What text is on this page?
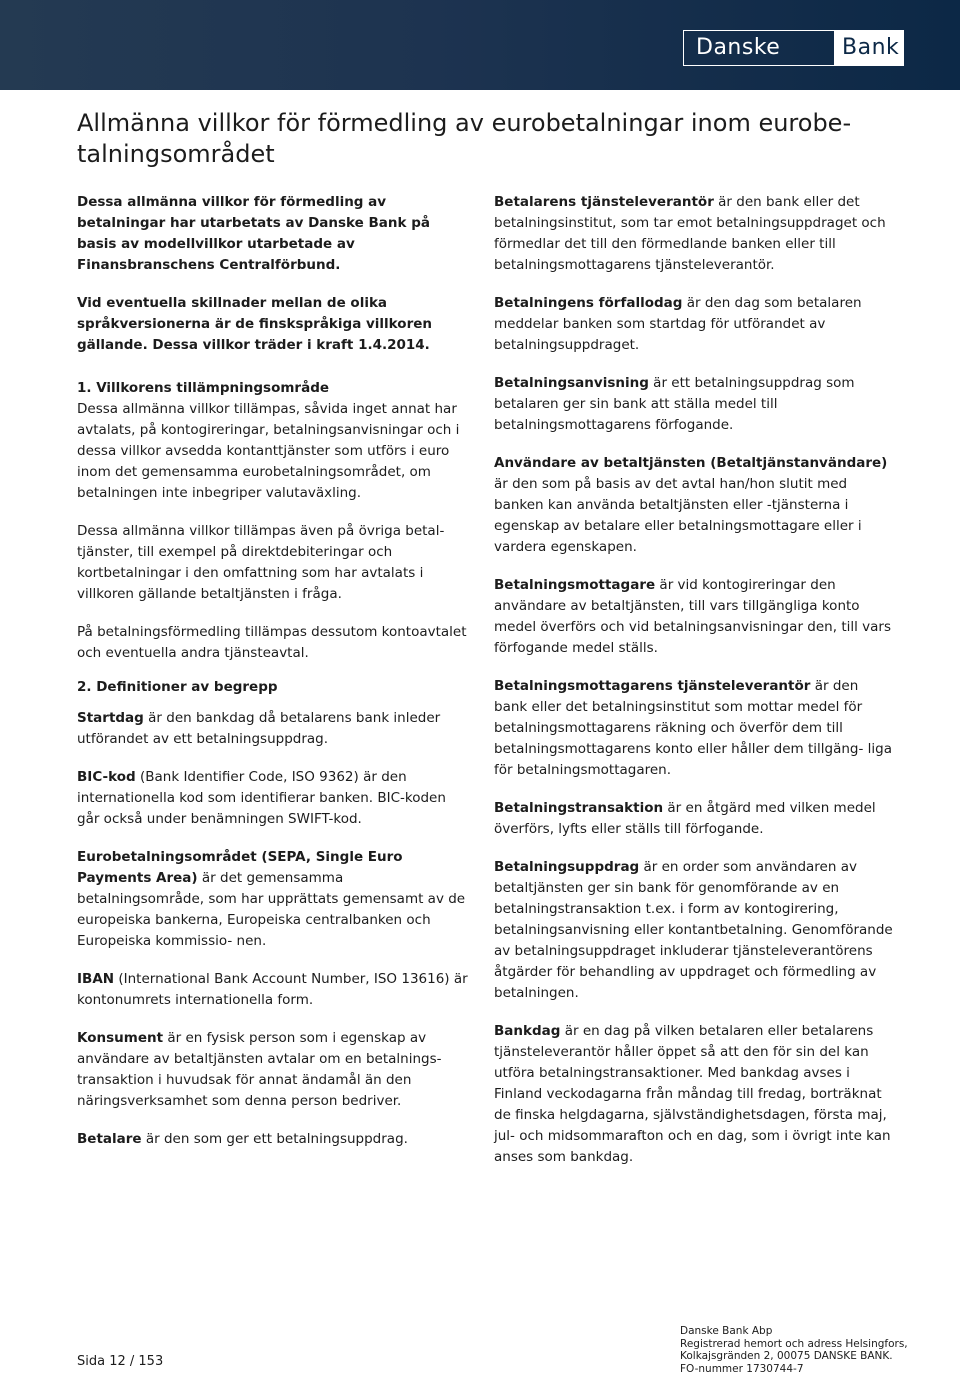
Danske	Bank
Allmänna villkor för förmedling av eurobetalningar inom eurobe- talningsområdet

Dessa allmänna villkor för förmedling av betalningar har utarbetats av Danske Bank på basis av modellvillkor utarbetade av Finansbranschens Centralförbund.

Vid eventuella skillnader mellan de olika språkversionerna är de finskspråkiga villkoren gällande. Dessa villkor träder i kraft 1.4.2014.

1. Villkorens tillämpningsområde

Dessa allmänna villkor tillämpas, såvida inget annat har avtalats, på kontogireringar, betalningsanvisningar och i dessa villkor avsedda kontanttjänster som utförs i euro inom det gemensamma eurobetalningsområdet, om betalningen inte inbegriper valutaväxling.

Dessa allmänna villkor tillämpas även på övriga betal- tjänster, till exempel på direktdebiteringar och kortbetalningar i den omfattning som har avtalats i villkoren gällande betaltjänsten i fråga.

På betalningsförmedling tillämpas dessutom kontoavtalet och eventuella andra tjänsteavtal.

2. Definitioner av begrepp

Startdag är den bankdag då betalarens bank inleder utförandet av ett betalningsuppdrag.

BIC-kod (Bank Identifier Code, ISO 9362) är den internationella kod som identifierar banken. BIC-koden går också under benämningen SWIFT-kod.

Eurobetalningsområdet (SEPA, Single Euro Payments Area) är det gemensamma betalningsområde, som har upprättats gemensamt av de europeiska bankerna, Europeiska centralbanken och Europeiska kommissio- nen.

IBAN (International Bank Account Number, ISO 13616) är kontonumrets internationella form.

Konsument är en fysisk person som i egenskap av användare av betaltjänsten avtalar om en betalnings- transaktion i huvudsak för annat ändamål än den näringsverksamhet som denna person bedriver.

Betalare är den som ger ett betalningsuppdrag.

Betalarens tjänsteleverantör är den bank eller det betalningsinstitut, som tar emot betalningsuppdraget och förmedlar det till den förmedlande banken eller till betalningsmottagarens tjänsteleverantör.

Betalningens förfallodag är den dag som betalaren meddelar banken som startdag för utförandet av betalningsuppdraget.

Betalningsanvisning är ett betalningsuppdrag som betalaren ger sin bank att ställa medel till betalningsmottagarens förfogande.

Användare av betaltjänsten (Betaltjänstanvändare) är den som på basis av det avtal han/hon slutit med banken kan använda betaltjänsten eller -tjänsterna i egenskap av betalare eller betalningsmottagare eller i vardera egenskapen.

Betalningsmottagare är vid kontogireringar den användare av betaltjänsten, till vars tillgängliga konto medel överförs och vid betalningsanvisningar den, till vars förfogande medel ställs.

Betalningsmottagarens tjänsteleverantör är den bank eller det betalningsinstitut som mottar medel för betalningsmottagarens räkning och överför dem till betalningsmottagarens konto eller håller dem tillgäng- liga för betalningsmottagaren.

Betalningstransaktion är en åtgärd med vilken medel överförs, lyfts eller ställs till förfogande.

Betalningsuppdrag är en order som användaren av betaltjänsten ger sin bank för genomförande av en betalningstransaktion t.ex. i form av kontogirering, betalningsanvisning eller kontantbetalning. Genomförande av betalningsuppdraget inkluderar tjänsteleverantörens åtgärder för behandling av uppdraget och förmedling av betalningen.

Bankdag är en dag på vilken betalaren eller betalarens tjänsteleverantör håller öppet så att den för sin del kan utföra betalningstransaktioner. Med bankdag avses i Finland veckodagarna från måndag till fredag, borträknat de finska helgdagarna, självständighetsdagen, första maj, jul- och midsommarafton och en dag, som i övrigt inte kan anses som bankdag.

Sida 12 / 153
Danske Bank Abp
Registrerad hemort och adress Helsingfors,
Kolkajsgränden 2, 00075 DANSKE BANK.
FO-nummer 1730744-7
